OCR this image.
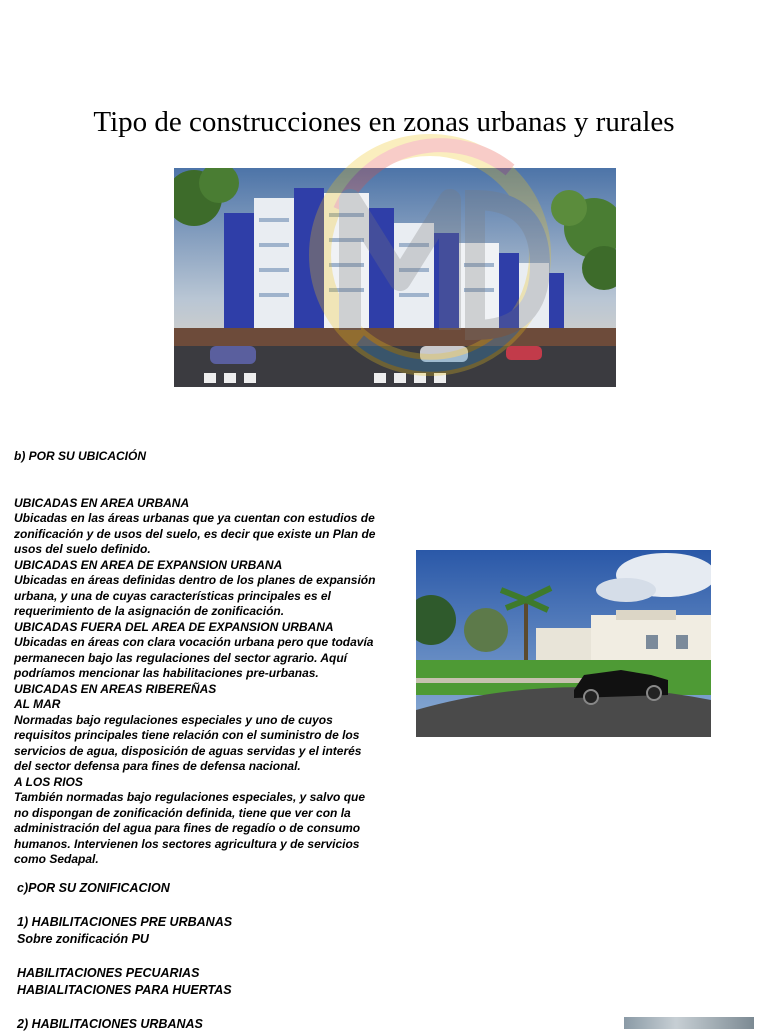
Tipo de construcciones en zonas urbanas y rurales
b) POR SU UBICACIÓN
UBICADAS EN AREA URBANA
Ubicadas en las áreas urbanas que ya cuentan con estudios de
zonificación y de usos del suelo, es decir que existe un Plan de
usos del suelo definido.
UBICADAS EN AREA DE EXPANSION URBANA
Ubicadas en áreas definidas dentro de los planes de expansión
urbana, y una de cuyas características principales es el
requerimiento de la asignación de zonificación.
UBICADAS FUERA DEL AREA DE EXPANSION URBANA
Ubicadas en áreas con clara vocación urbana pero que todavía
permanecen bajo las regulaciones del sector agrario. Aquí
podríamos mencionar las habilitaciones pre-urbanas.
UBICADAS EN AREAS RIBEREÑAS
AL MAR
Normadas bajo regulaciones especiales y uno de cuyos
requisitos principales tiene relación con el suministro de los
servicios de agua, disposición de aguas servidas y el interés
del sector defensa para fines de defensa nacional.
A LOS RIOS
También normadas bajo regulaciones especiales, y salvo que
no dispongan de zonificación definida, tiene que ver con la
administración del agua para fines de regadío o de consumo
humanos. Intervienen los sectores agricultura y de servicios
como Sedapal.
c)POR SU ZONIFICACION
1) HABILITACIONES PRE URBANAS
Sobre zonificación PU
HABILITACIONES PECUARIAS
HABIALITACIONES PARA HUERTAS
2) HABILITACIONES URBANAS
